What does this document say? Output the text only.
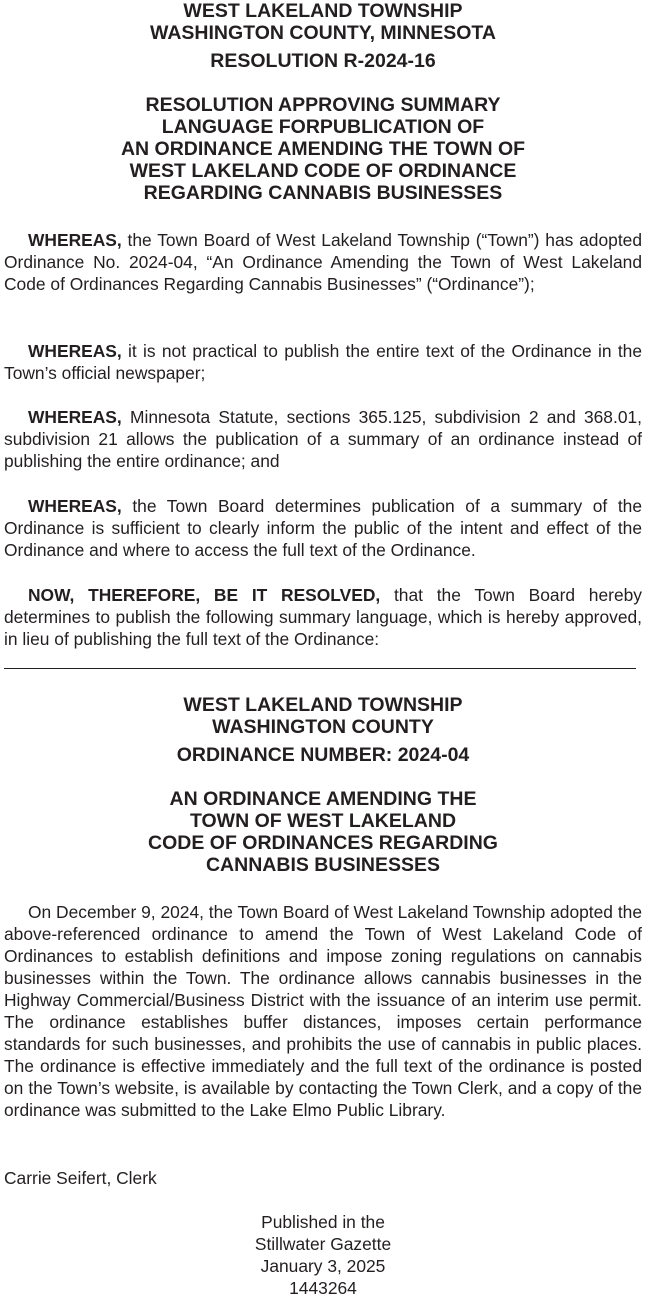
WEST LAKELAND TOWNSHIP
WASHINGTON COUNTY, MINNESOTA
RESOLUTION R-2024-16
RESOLUTION APPROVING SUMMARY
LANGUAGE FORPUBLICATION OF
AN ORDINANCE AMENDING THE TOWN OF
WEST LAKELAND CODE OF ORDINANCE
REGARDING CANNABIS BUSINESSES

WHEREAS, the Town Board of West Lakeland Township (“Town”) has adopted Ordinance No. 2024-04, “An Ordinance Amending the Town of West Lakeland Code of Ordinances Regarding Cannabis Businesses” (“Ordinance”);

WHEREAS, it is not practical to publish the entire text of the Ordinance in the Town’s official newspaper;

WHEREAS, Minnesota Statute, sections 365.125, subdivision 2 and 368.01, subdivision 21 allows the publication of a summary of an ordinance instead of publishing the entire ordinance; and

WHEREAS, the Town Board determines publication of a summary of the Ordinance is sufficient to clearly inform the public of the intent and effect of the Ordinance and where to access the full text of the Ordinance.

NOW, THEREFORE, BE IT RESOLVED, that the Town Board hereby determines to publish the following summary language, which is hereby approved, in lieu of publishing the full text of the Ordinance:

WEST LAKELAND TOWNSHIP
WASHINGTON COUNTY
ORDINANCE NUMBER: 2024-04
AN ORDINANCE AMENDING THE
TOWN OF WEST LAKELAND
CODE OF ORDINANCES REGARDING
CANNABIS BUSINESSES

On December 9, 2024, the Town Board of West Lakeland Township adopted the above-referenced ordinance to amend the Town of West Lakeland Code of Ordinances to establish definitions and impose zoning regulations on cannabis businesses within the Town. The ordinance allows cannabis businesses in the Highway Commercial/Business District with the issuance of an interim use permit. The ordinance establishes buffer distances, imposes certain performance standards for such businesses, and prohibits the use of cannabis in public places. The ordinance is effective immediately and the full text of the ordinance is posted on the Town’s website, is available by contacting the Town Clerk, and a copy of the ordinance was submitted to the Lake Elmo Public Library.

Carrie Seifert, Clerk

Published in the
Stillwater Gazette
January 3, 2025
1443264
